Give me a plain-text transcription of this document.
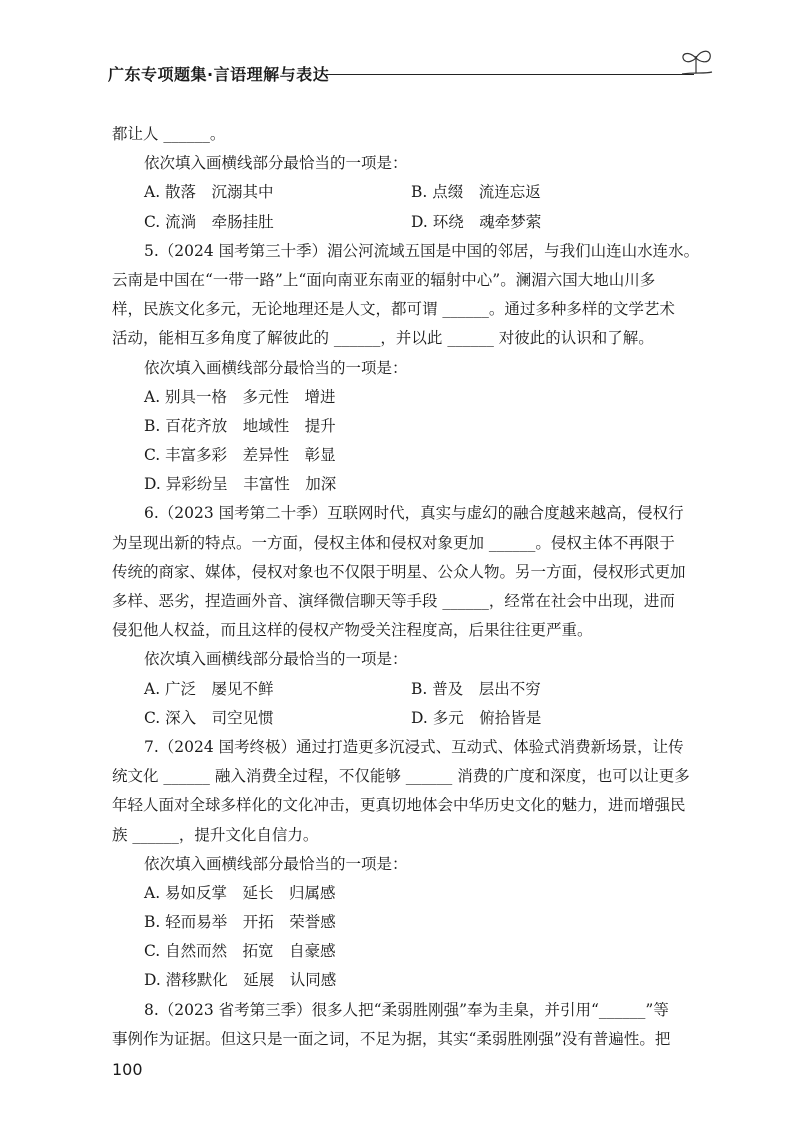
广东专项题集·言语理解与表达
都让人 ______。
依次填入画横线部分最恰当的一项是：
A. 散落　沉溺其中	B. 点缀　流连忘返
C. 流淌　牵肠挂肚	D. 环绕　魂牵梦萦
5.（2024 国考第三十季）湄公河流域五国是中国的邻居，与我们山连山水连水。
云南是中国在“一带一路”上“面向南亚东南亚的辐射中心”。澜湄六国大地山川多
样，民族文化多元，无论地理还是人文，都可谓 ______。通过多种多样的文学艺术
活动，能相互多角度了解彼此的 ______，并以此 ______ 对彼此的认识和了解。
依次填入画横线部分最恰当的一项是：
A. 别具一格　多元性　增进
B. 百花齐放　地域性　提升
C. 丰富多彩　差异性　彰显
D. 异彩纷呈　丰富性　加深
6.（2023 国考第二十季）互联网时代，真实与虚幻的融合度越来越高，侵权行
为呈现出新的特点。一方面，侵权主体和侵权对象更加 ______。侵权主体不再限于
传统的商家、媒体，侵权对象也不仅限于明星、公众人物。另一方面，侵权形式更加
多样、恶劣，捏造画外音、演绎微信聊天等手段 ______，经常在社会中出现，进而
侵犯他人权益，而且这样的侵权产物受关注程度高，后果往往更严重。
依次填入画横线部分最恰当的一项是：
A. 广泛　屡见不鲜	B. 普及　层出不穷
C. 深入　司空见惯	D. 多元　俯拾皆是
7.（2024 国考终极）通过打造更多沉浸式、互动式、体验式消费新场景，让传
统文化 ______ 融入消费全过程，不仅能够 ______ 消费的广度和深度，也可以让更多
年轻人面对全球多样化的文化冲击，更真切地体会中华历史文化的魅力，进而增强民
族 ______，提升文化自信力。
依次填入画横线部分最恰当的一项是：
A. 易如反掌　延长　归属感
B. 轻而易举　开拓　荣誉感
C. 自然而然　拓宽　自豪感
D. 潜移默化　延展　认同感
8.（2023 省考第三季）很多人把“柔弱胜刚强”奉为圭臬，并引用“______”等
事例作为证据。但这只是一面之词，不足为据，其实“柔弱胜刚强”没有普遍性。把
100
